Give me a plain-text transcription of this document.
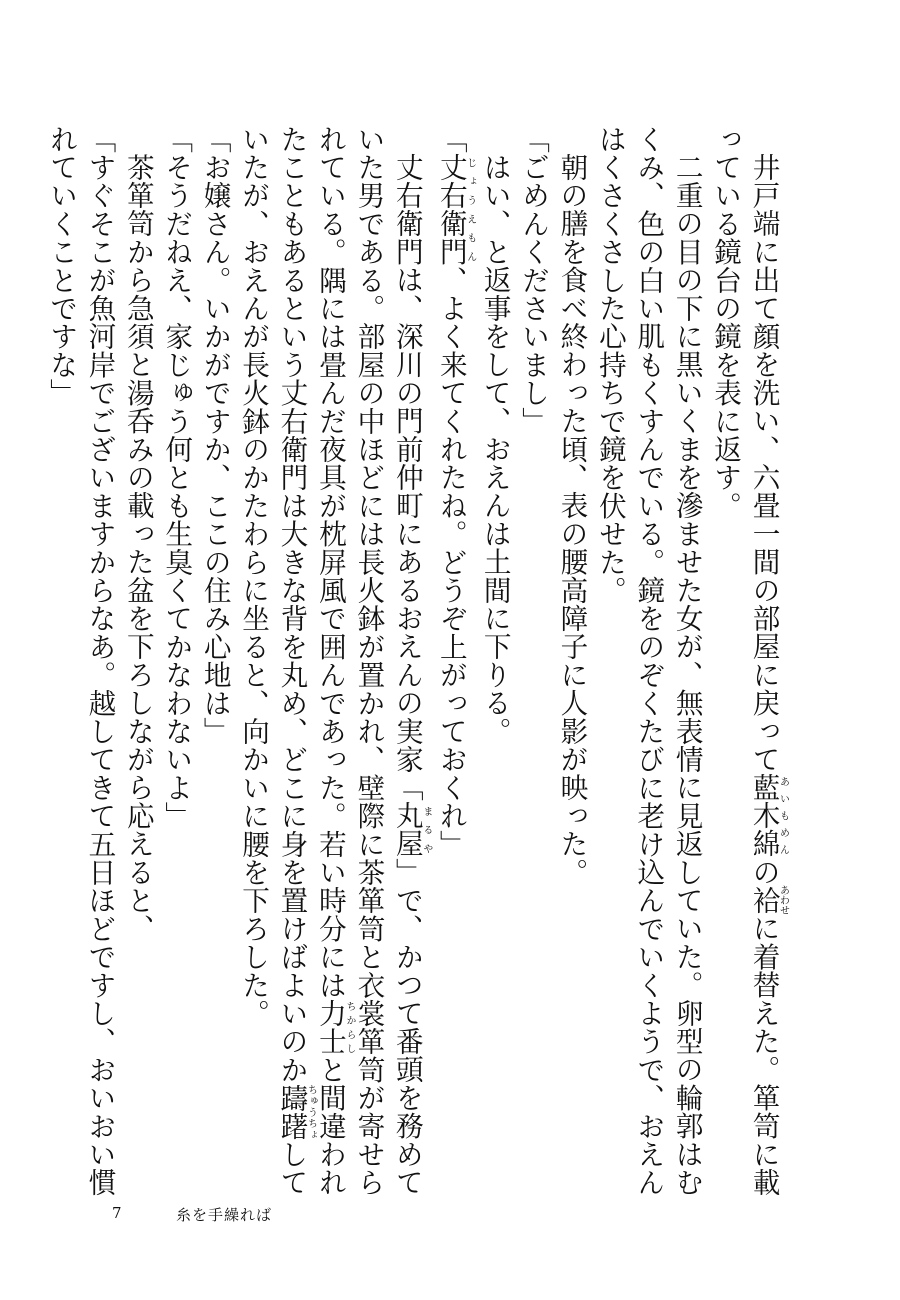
井戸端に出て顔を洗い、六畳一間の部屋に戻って藍木綿あいもめんの袷あわせに着替えた。箪笥に載っている鏡台の鏡を表に返す。

二重の目の下に黒いくまを滲ませた女が、無表情に見返していた。卵型の輪郭はむくみ、色の白い肌もくすんでいる。鏡をのぞくたびに老け込んでいくようで、おえんはくさくさした心持ちで鏡を伏せた。

朝の膳を食べ終わった頃、表の腰高障子に人影が映った。

「ごめんくださいまし」

はい、と返事をして、おえんは土間に下りる。

「丈右衛門じょうえもん、よく来てくれたね。どうぞ上がっておくれ」

丈右衛門は、深川の門前仲町にあるおえんの実家「丸屋まるや」で、かつて番頭を務めていた男である。部屋の中ほどには長火鉢が置かれ、壁際に茶箪笥と衣裳箪笥が寄せられている。隅には畳んだ夜具が枕屏風で囲んであった。若い時分には力士ちからしと間違われたこともあるという丈右衛門は大きな背を丸め、どこに身を置けばよいのか躊躇ちゅうちょしていたが、おえんが長火鉢のかたわらに坐ると、向かいに腰を下ろした。

「お嬢さん。いかがですか、ここの住み心地は」

「そうだねえ、家じゅう何とも生臭くてかなわないよ」

茶箪笥から急須と湯呑みの載った盆を下ろしながら応えると、

「すぐそこが魚河岸でございますからなあ。越してきて五日ほどですし、おいおい慣れていくことですな」

7	糸を手繰れば
